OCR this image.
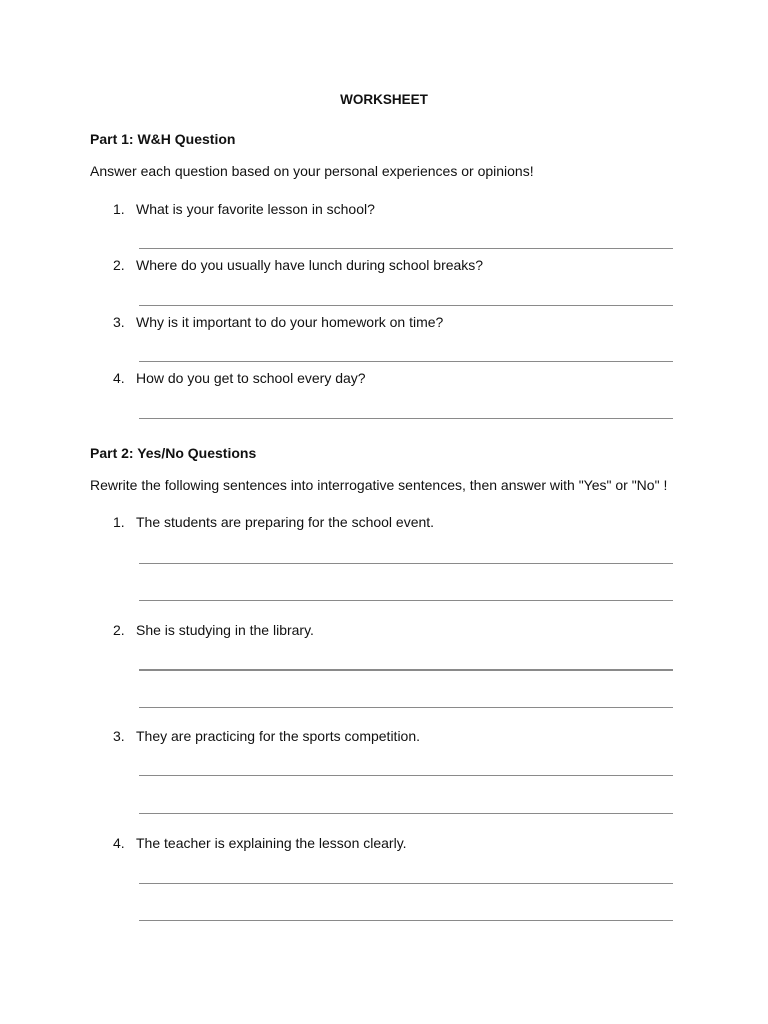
WORKSHEET
Part 1: W&H Question
Answer each question based on your personal experiences or opinions!
1. What is your favorite lesson in school?
2. Where do you usually have lunch during school breaks?
3. Why is it important to do your homework on time?
4. How do you get to school every day?
Part 2: Yes/No Questions
Rewrite the following sentences into interrogative sentences, then answer with "Yes" or "No" !
1. The students are preparing for the school event.
2. She is studying in the library.
3. They are practicing for the sports competition.
4. The teacher is explaining the lesson clearly.
